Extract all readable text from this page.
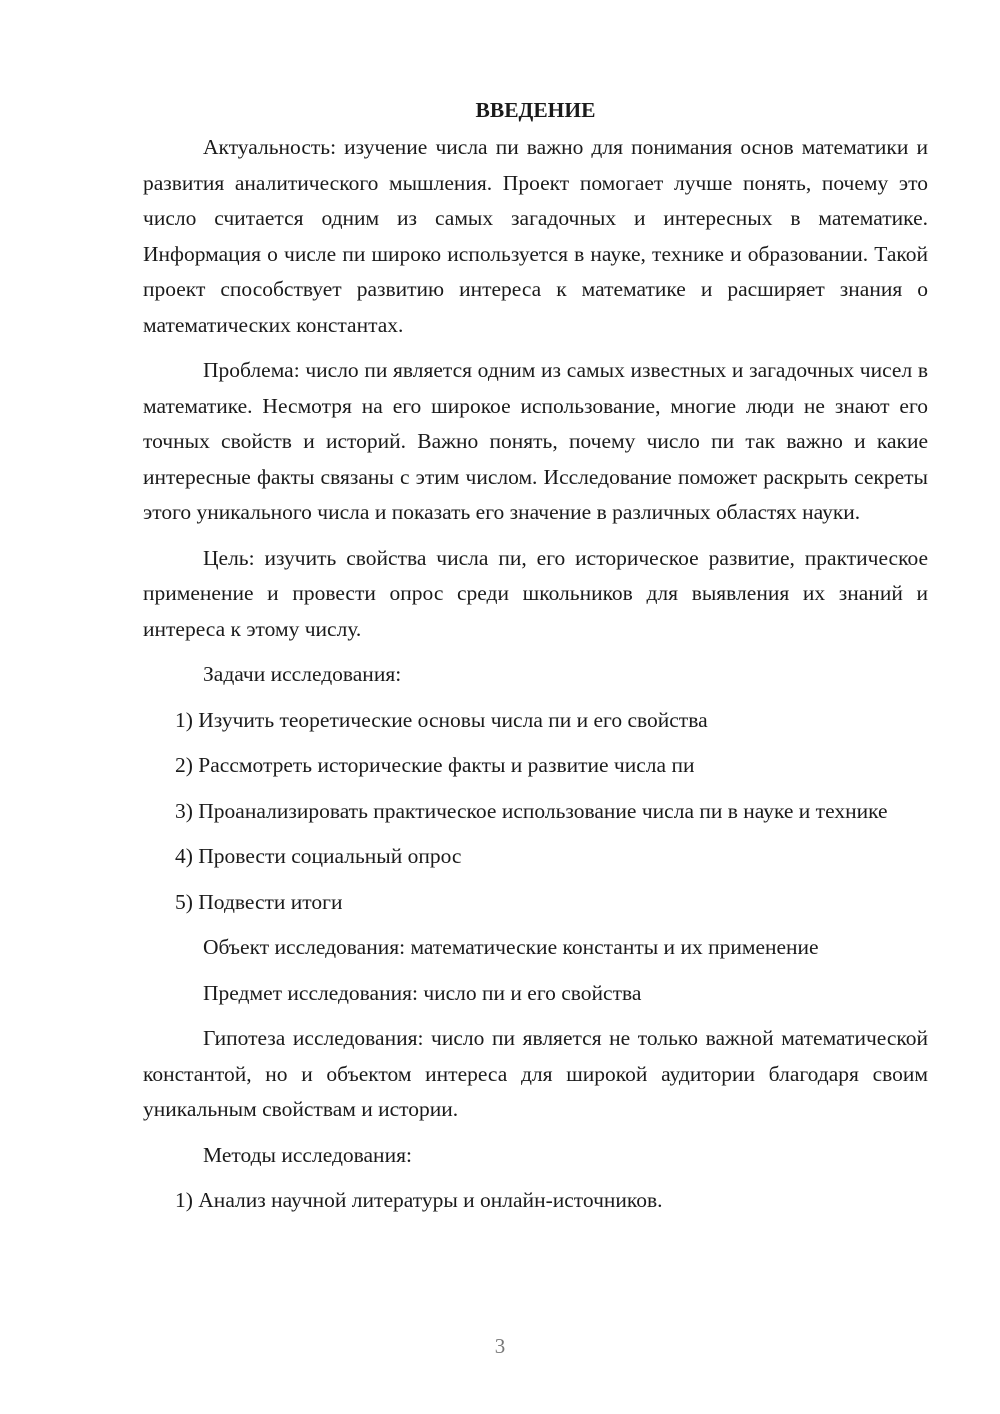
ВВЕДЕНИЕ

Актуальность: изучение числа пи важно для понимания основ математики и развития аналитического мышления. Проект помогает лучше понять, почему это число считается одним из самых загадочных и интересных в математике. Информация о числе пи широко используется в науке, технике и образовании. Такой проект способствует развитию интереса к математике и расширяет знания о математических константах.

Проблема: число пи является одним из самых известных и загадочных чисел в математике. Несмотря на его широкое использование, многие люди не знают его точных свойств и историй. Важно понять, почему число пи так важно и какие интересные факты связаны с этим числом. Исследование поможет раскрыть секреты этого уникального числа и показать его значение в различных областях науки.

Цель: изучить свойства числа пи, его историческое развитие, практическое применение и провести опрос среди школьников для выявления их знаний и интереса к этому числу.

Задачи исследования:

1) Изучить теоретические основы числа пи и его свойства

2) Рассмотреть исторические факты и развитие числа пи

3) Проанализировать практическое использование числа пи в науке и технике

4) Провести социальный опрос

5) Подвести итоги

Объект исследования: математические константы и их применение

Предмет исследования: число пи и его свойства

Гипотеза исследования: число пи является не только важной математической константой, но и объектом интереса для широкой аудитории благодаря своим уникальным свойствам и истории.

Методы исследования:

1) Анализ научной литературы и онлайн-источников.

3
